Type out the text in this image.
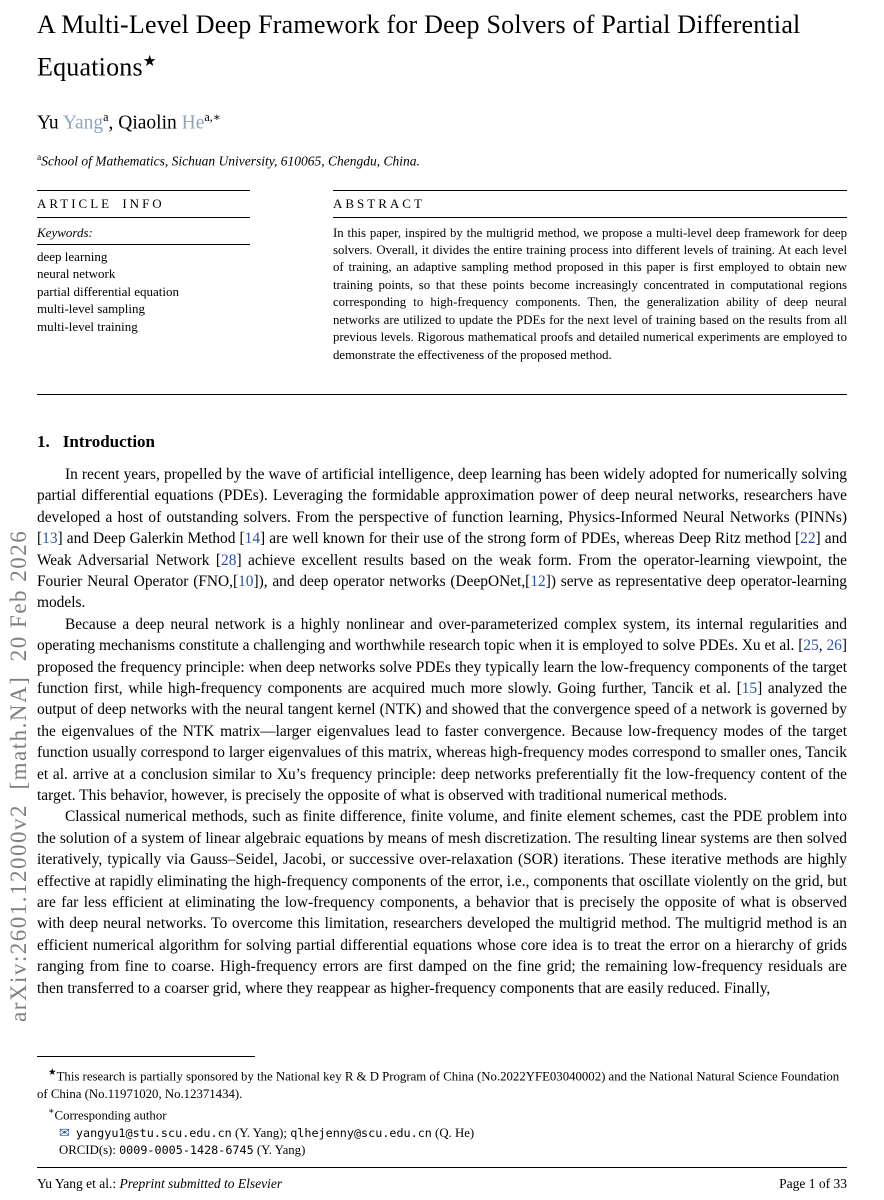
arXiv:2601.12000v2  [math.NA]  20 Feb 2026
A Multi-Level Deep Framework for Deep Solvers of Partial Differential Equations★
Yu Yang$^a$, Qiaolin $He^{a,∗}$
$^a$School of Mathematics, Sichuan University, 610065, Chengdu, China.
ARTICLE INFO
Keywords:
deep learning
neural network
partial differential equation
multi-level sampling
multi-level training
ABSTRACT
In this paper, inspired by the multigrid method, we propose a multi-level deep framework for deep solvers. Overall, it divides the entire training process into different levels of training. At each level of training, an adaptive sampling method proposed in this paper is first employed to obtain new training points, so that these points become increasingly concentrated in computational regions corresponding to high-frequency components. Then, the generalization ability of deep neural networks are utilized to update the PDEs for the next level of training based on the results from all previous levels. Rigorous mathematical proofs and detailed numerical experiments are employed to demonstrate the effectiveness of the proposed method.
1. Introduction

In recent years, propelled by the wave of artificial intelligence, deep learning has been widely adopted for numerically solving partial differential equations (PDEs). Leveraging the formidable approximation power of deep neural networks, researchers have developed a host of outstanding solvers. From the perspective of function learning, Physics-Informed Neural Networks (PINNs) [13] and Deep Galerkin Method [14] are well known for their use of the strong form of PDEs, whereas Deep Ritz method [22] and Weak Adversarial Network [28] achieve excellent results based on the weak form. From the operator-learning viewpoint, the Fourier Neural Operator (FNO,[10]), and deep operator networks (DeepONet,[12]) serve as representative deep operator-learning models.

Because a deep neural network is a highly nonlinear and over-parameterized complex system, its internal regularities and operating mechanisms constitute a challenging and worthwhile research topic when it is employed to solve PDEs. Xu et al. [25, 26] proposed the frequency principle: when deep networks solve PDEs they typically learn the low-frequency components of the target function first, while high-frequency components are acquired much more slowly. Going further, Tancik et al. [15] analyzed the output of deep networks with the neural tangent kernel (NTK) and showed that the convergence speed of a network is governed by the eigenvalues of the NTK matrix—larger eigenvalues lead to faster convergence. Because low-frequency modes of the target function usually correspond to larger eigenvalues of this matrix, whereas high-frequency modes correspond to smaller ones, Tancik et al. arrive at a conclusion similar to Xu’s frequency principle: deep networks preferentially fit the low-frequency content of the target. This behavior, however, is precisely the opposite of what is observed with traditional numerical methods.

Classical numerical methods, such as finite difference, finite volume, and finite element schemes, cast the PDE problem into the solution of a system of linear algebraic equations by means of mesh discretization. The resulting linear systems are then solved iteratively, typically via Gauss–Seidel, Jacobi, or successive over-relaxation (SOR) iterations. These iterative methods are highly effective at rapidly eliminating the high-frequency components of the error, i.e., components that oscillate violently on the grid, but are far less efficient at eliminating the low-frequency components, a behavior that is precisely the opposite of what is observed with deep neural networks. To overcome this limitation, researchers developed the multigrid method. The multigrid method is an efficient numerical algorithm for solving partial differential equations whose core idea is to treat the error on a hierarchy of grids ranging from fine to coarse. High-frequency errors are first damped on the fine grid; the remaining low-frequency residuals are then transferred to a coarser grid, where they reappear as higher-frequency components that are easily reduced. Finally,

★This research is partially sponsored by the National key R & D Program of China (No.2022YFE03040002) and the National Natural Science Foundation of China (No.11971020, No.12371434).

∗Corresponding author

✉ yangyu1@stu.scu.edu.cn (Y. Yang); qlhejenny@scu.edu.cn (Q. He)

ORCID(s): 0009-0005-1428-6745 (Y. Yang)

Yu Yang et al.: Preprint submitted to Elsevier	Page 1 of 33
